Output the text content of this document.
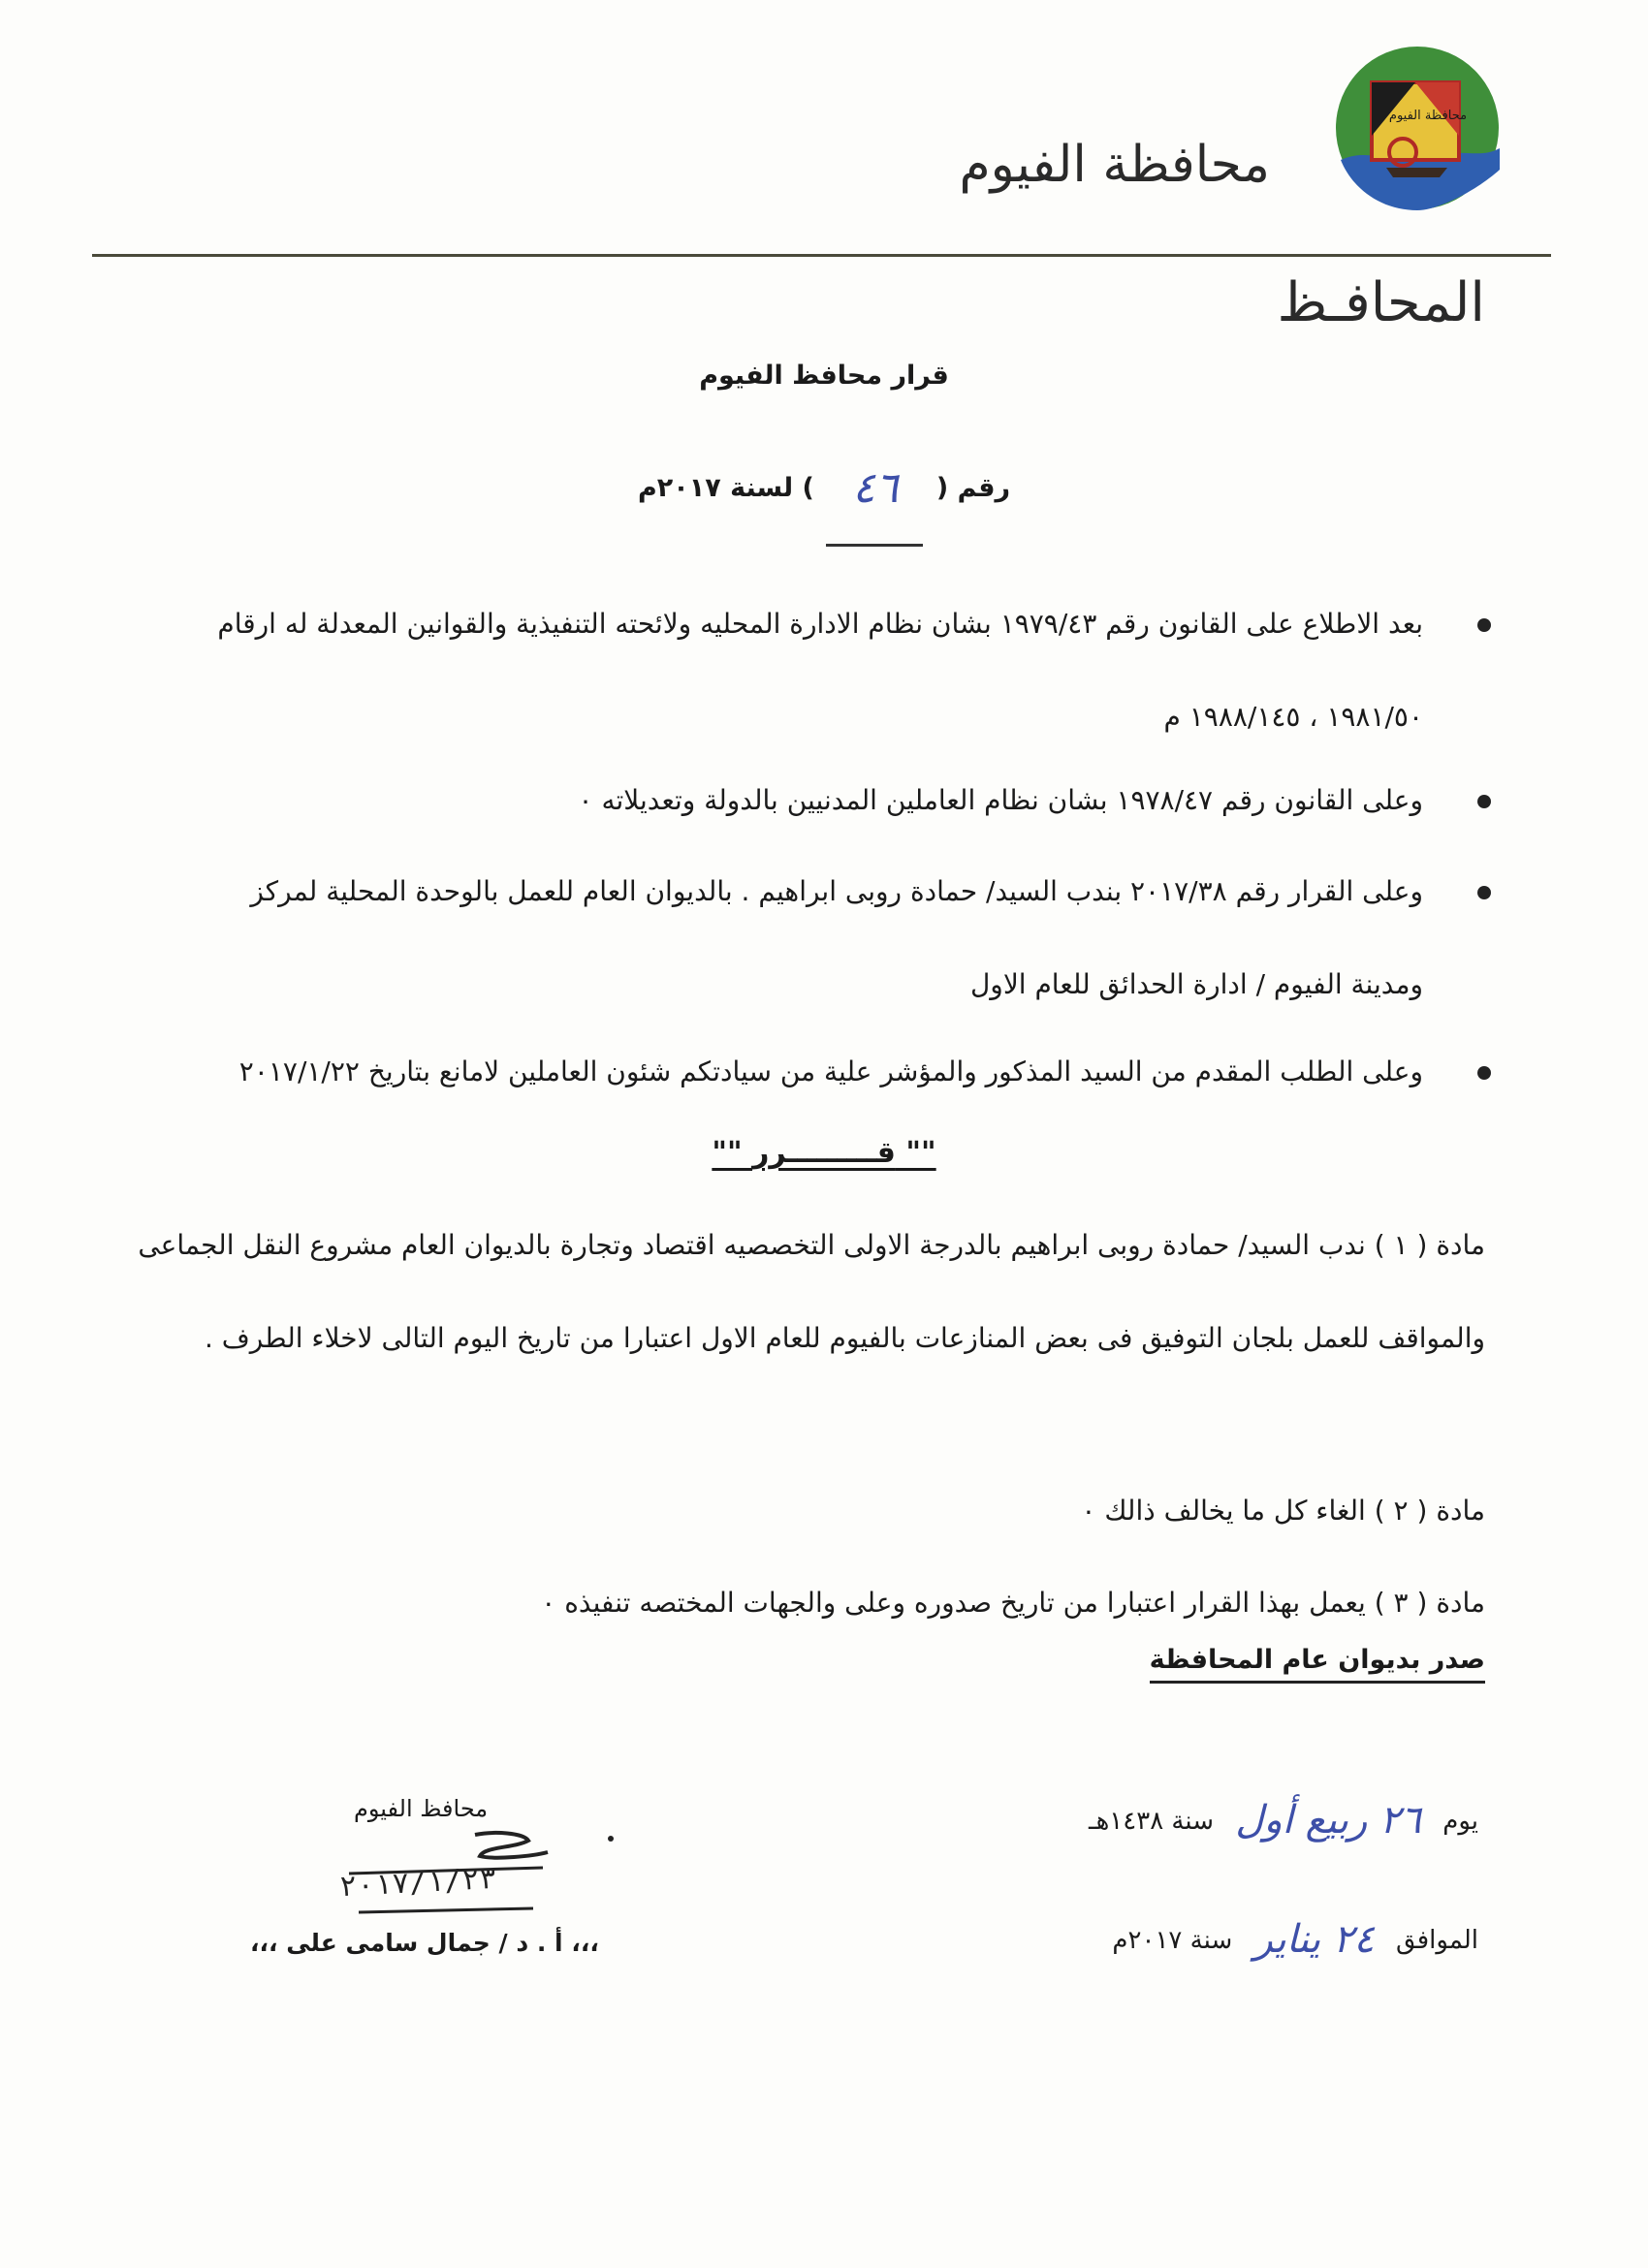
محافظة الفيوم
محافظة الفيوم
المحافـظ
قرار محافظ الفيوم
رقم ( ٤٦ ) لسنة ٢٠١٧م
بعد الاطلاع على القانون رقم ١٩٧٩/٤٣ بشان نظام الادارة المحليه ولائحته التنفيذية والقوانين المعدلة له ارقام ١٩٨١/٥٠ ، ١٩٨٨/١٤٥ م
وعلى القانون رقم ١٩٧٨/٤٧ بشان نظام العاملين المدنيين بالدولة وتعديلاته ٠
وعلى القرار رقم ٢٠١٧/٣٨ بندب السيد/ حمادة روبى ابراهيم . بالديوان العام للعمل بالوحدة المحلية لمركز ومدينة الفيوم / ادارة الحدائق للعام الاول
وعلى الطلب المقدم من السيد المذكور والمؤشر علية من سيادتكم شئون العاملين لامانع بتاريخ ٢٠١٧/١/٢٢
"" قـــــــــرر ""
مادة ( ١ ) ندب السيد/ حمادة روبى ابراهيم بالدرجة الاولى التخصصيه اقتصاد وتجارة بالديوان العام مشروع النقل الجماعى والمواقف للعمل بلجان التوفيق فى بعض المنازعات بالفيوم للعام الاول اعتبارا من تاريخ اليوم التالى لاخلاء الطرف .
مادة ( ٢ ) الغاء كل ما يخالف ذالك ٠
مادة ( ٣ ) يعمل بهذا القرار اعتبارا من تاريخ صدوره وعلى والجهات المختصه تنفيذه ٠
صدر بديوان عام المحافظة
محافظ الفيوم
٢٠١٧/١/٢٣
،،، أ . د / جمال سامى على ،،،
يوم ٢٦ ربيع أول سنة ١٤٣٨هـ
الموافق ٢٤ يناير سنة ٢٠١٧م
